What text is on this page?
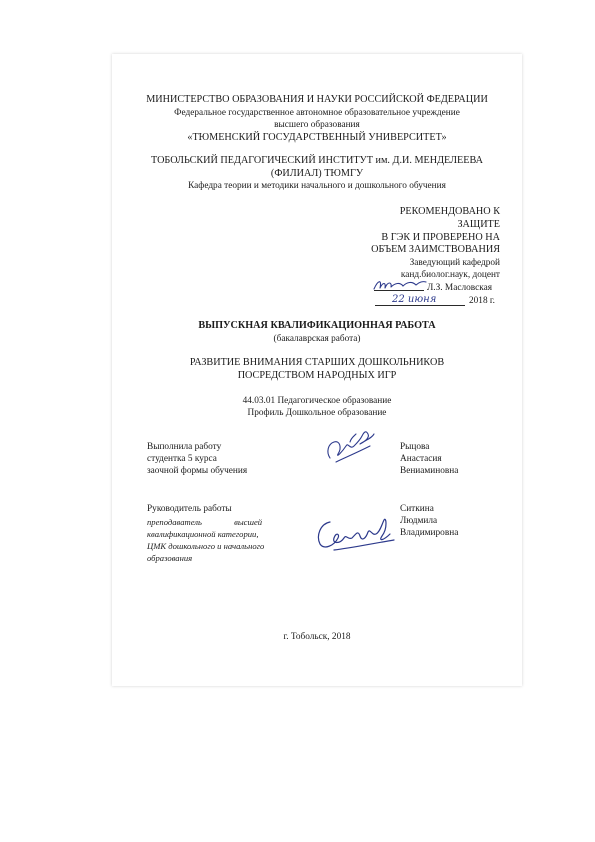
МИНИСТЕРСТВО ОБРАЗОВАНИЯ И НАУКИ РОССИЙСКОЙ ФЕДЕРАЦИИ
Федеральное государственное автономное образовательное учреждение
высшего образования
«ТЮМЕНСКИЙ ГОСУДАРСТВЕННЫЙ УНИВЕРСИТЕТ»
ТОБОЛЬСКИЙ ПЕДАГОГИЧЕСКИЙ ИНСТИТУТ им. Д.И. МЕНДЕЛЕЕВА
(ФИЛИАЛ) ТЮМГУ
Кафедра теории и методики начального и дошкольного обучения
РЕКОМЕНДОВАНО К
ЗАЩИТЕ
В ГЭК И ПРОВЕРЕНО НА
ОБЪЕМ ЗАИМСТВОВАНИЯ
Заведующий кафедрой
канд.биолог.наук, доцент
Л.З. Масловская
22 июня	2018 г.
ВЫПУСКНАЯ КВАЛИФИКАЦИОННАЯ РАБОТА
(бакалаврская работа)
РАЗВИТИЕ ВНИМАНИЯ СТАРШИХ ДОШКОЛЬНИКОВ
ПОСРЕДСТВОМ НАРОДНЫХ ИГР
44.03.01 Педагогическое образование
Профиль Дошкольное образование
Выполнила работу
студентка 5 курса
заочной формы обучения
Рыцова
Анастасия
Вениаминовна
Руководитель работы
преподаватель высшей
квалификационной категории,
ЦМК дошкольного и начального
образования
Ситкина
Людмила
Владимировна
г. Тобольск, 2018
